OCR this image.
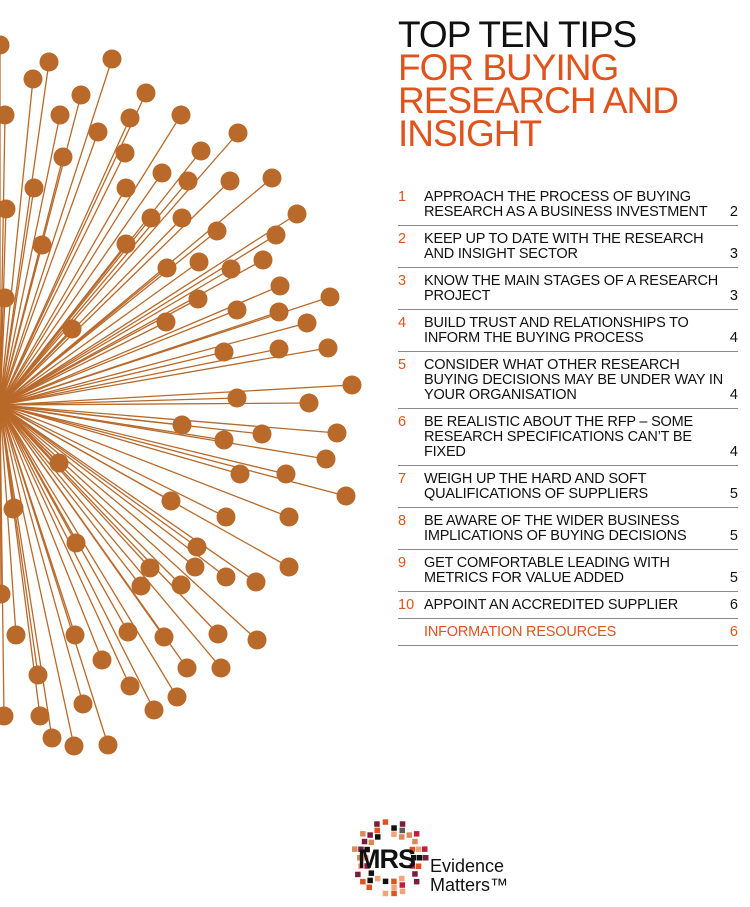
TOP TEN TIPS
FOR BUYING
RESEARCH AND
INSIGHT
1	APPROACH THE PROCESS OF BUYING RESEARCH AS A BUSINESS INVESTMENT	2
2	KEEP UP TO DATE WITH THE RESEARCH AND INSIGHT SECTOR	3
3	KNOW THE MAIN STAGES OF A RESEARCH PROJECT	3
4	BUILD TRUST AND RELATIONSHIPS TO INFORM THE BUYING PROCESS	4
5	CONSIDER WHAT OTHER RESEARCH BUYING DECISIONS MAY BE UNDER WAY IN YOUR ORGANISATION	4
6	BE REALISTIC ABOUT THE RFP – SOME RESEARCH SPECIFICATIONS CAN’T BE FIXED	4
7	WEIGH UP THE HARD AND SOFT QUALIFICATIONS OF SUPPLIERS	5
8	BE AWARE OF THE WIDER BUSINESS IMPLICATIONS OF BUYING DECISIONS	5
9	GET COMFORTABLE LEADING WITH METRICS FOR VALUE ADDED	5
10 APPOINT AN ACCREDITED SUPPLIER	6
INFORMATION RESOURCES	6
MRS Evidence
Matters™
